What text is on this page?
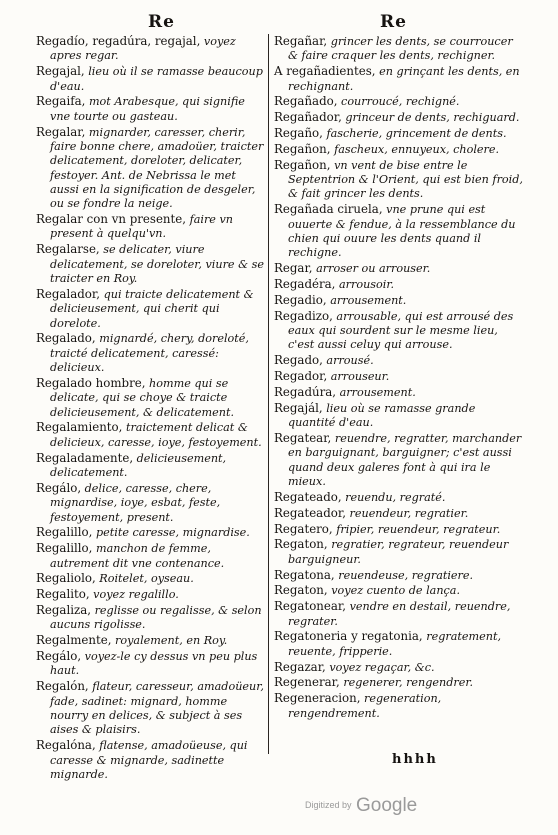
Re	Re
Regadío, regadúra, regajal, voyez apres regar.
Regajal, lieu où il se ramasse beaucoup d'eau.
Regaifa, mot Arabesque, qui signifie vne tourte ou gasteau.
Regalar, mignarder, caresser, cherir, faire bonne chere, amadoüer, traicter delicatement, doreloter, delicater, festoyer. Ant. de Nebrissa le met aussi en la signification de desgeler, ou se fondre la neige.
Regalar con vn presente, faire vn present à quelqu'vn.
Regalarse, se delicater, viure delicatement, se doreloter, viure & se traicter en Roy.
Regalador, qui traicte delicatement & delicieusement, qui cherit qui dorelote.
Regalado, mignardé, chery, doreloté, traicté delicatement, caressé: delicieux.
Regalado hombre, homme qui se delicate, qui se choye & traicte delicieusement, & delicatement.
Regalamiento, traictement delicat & delicieux, caresse, ioye, festoyement.
Regaladamente, delicieusement, delicatement.
Regálo, delice, caresse, chere, mignardise, ioye, esbat, feste, festoyement, present.
Regalillo, petite caresse, mignardise.
Regalillo, manchon de femme, autrement dit vne contenance.
Regaliolo, Roitelet, oyseau.
Regalito, voyez regalillo.
Regaliza, reglisse ou regalisse, & selon aucuns rigolisse.
Regalmente, royalement, en Roy.
Regálo, voyez-le cy dessus vn peu plus haut.
Regalón, flateur, caresseur, amadoüeur, fade, sadinet: mignard, homme nourry en delices, & subject à ses aises & plaisirs.
Regalóna, flatense, amadoüeuse, qui caresse & mignarde, sadinette mignarde.
Regañar, grincer les dents, se courroucer & faire craquer les dents, rechigner.
A regañadientes, en grinçant les dents, en rechignant.
Regañado, courroucé, rechigné.
Regañador, grinceur de dents, rechiguard.
Regaño, fascherie, grincement de dents.
Regañon, fascheux, ennuyeux, cholere.
Regañon, vn vent de bise entre le Septentrion & l'Orient, qui est bien froid, & fait grincer les dents.
Regañada ciruela, vne prune qui est ouuerte & fendue, à la ressemblance du chien qui ouure les dents quand il rechigne.
Regar, arroser ou arrouser.
Regadéra, arrousoir.
Regadio, arrousement.
Regadizo, arrousable, qui est arrousé des eaux qui sourdent sur le mesme lieu, c'est aussi celuy qui arrouse.
Regado, arrousé.
Regador, arrouseur.
Regadúra, arrousement.
Regajál, lieu où se ramasse grande quantité d'eau.
Regatear, reuendre, regratter, marchander en barguignant, barguigner; c'est aussi quand deux galeres font à qui ira le mieux.
Regateado, reuendu, regraté.
Regateador, reuendeur, regratier.
Regatero, fripier, reuendeur, regrateur.
Regaton, regratier, regrateur, reuendeur barguigneur.
Regatona, reuendeuse, regratiere.
Regaton, voyez cuento de lança.
Regatonear, vendre en destail, reuendre, regrater.
Regatoneria y regatonia, regratement, reuente, fripperie.
Regazar, voyez regaçar, &c.
Regenerar, regenerer, rengendrer.
Regeneracion, regeneration, rengendrement.
hhhh
Digitized by Google
